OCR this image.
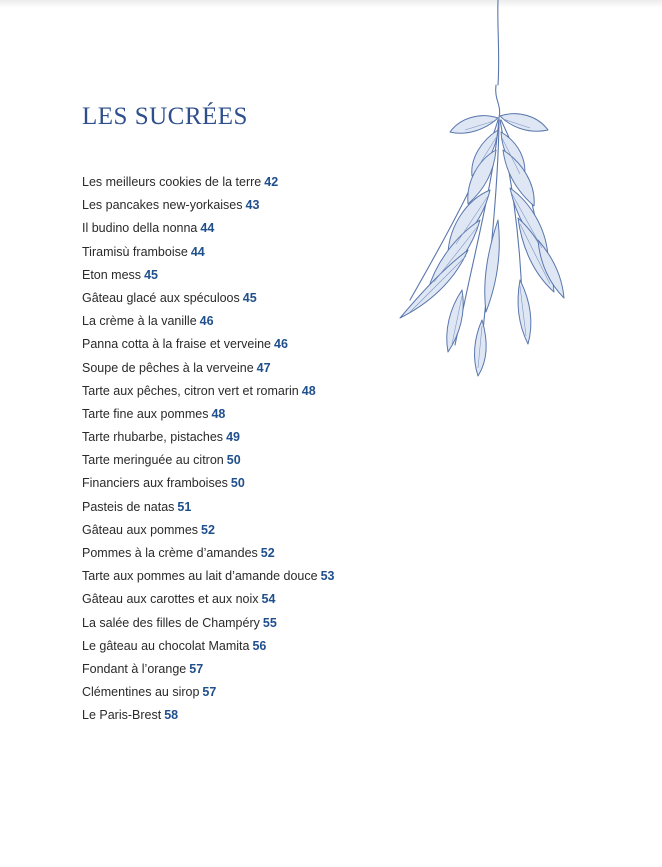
LES SUCRÉES
Les meilleurs cookies de la terre 42
Les pancakes new-yorkaises 43
Il budino della nonna 44
Tiramisù framboise 44
Eton mess 45
Gâteau glacé aux spéculoos 45
La crème à la vanille 46
Panna cotta à la fraise et verveine 46
Soupe de pêches à la verveine 47
Tarte aux pêches, citron vert et romarin 48
Tarte fine aux pommes 48
Tarte rhubarbe, pistaches 49
Tarte meringuée au citron 50
Financiers aux framboises 50
Pasteis de natas 51
Gâteau aux pommes 52
Pommes à la crème d’amandes 52
Tarte aux pommes au lait d’amande douce 53
Gâteau aux carottes et aux noix 54
La salée des filles de Champéry 55
Le gâteau au chocolat Mamita 56
Fondant à l’orange 57
Clémentines au sirop 57
Le Paris-Brest 58
